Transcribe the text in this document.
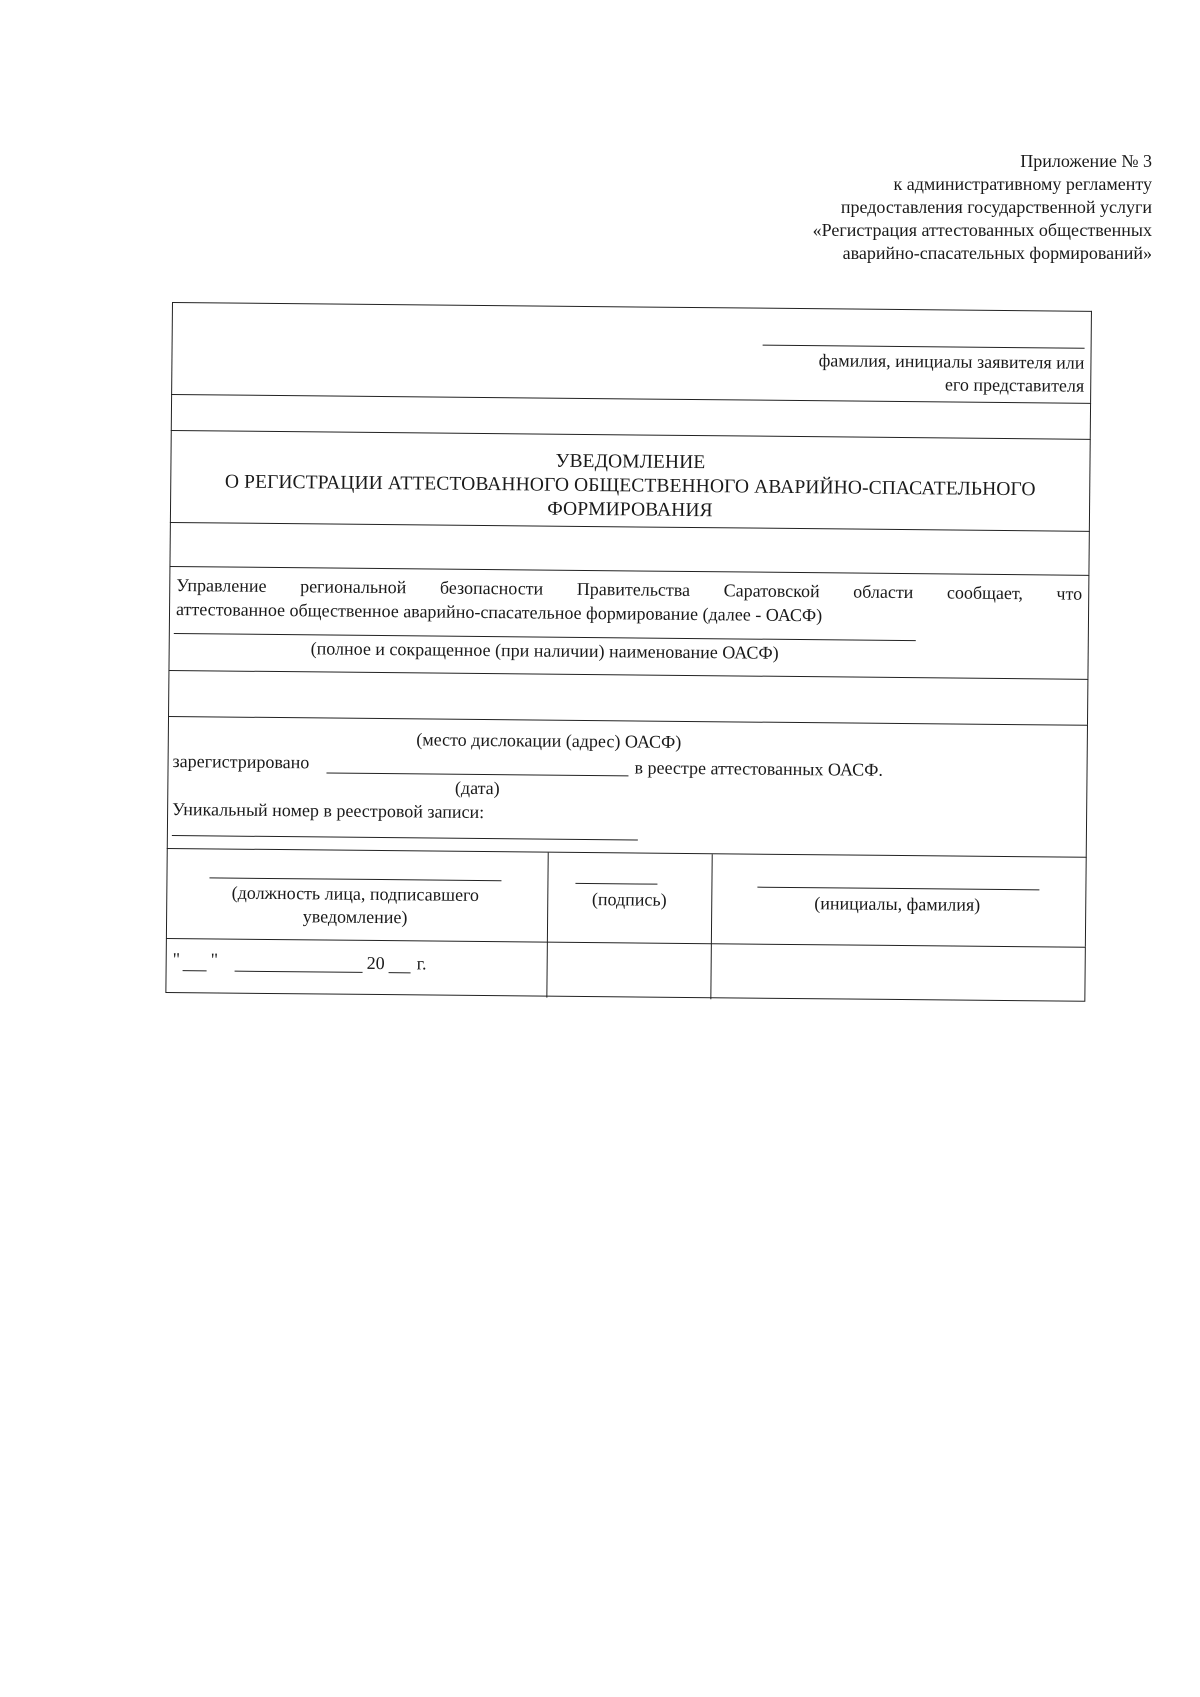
Приложение № 3
к административному регламенту
предоставления государственной услуги
«Регистрация аттестованных общественных
аварийно-спасательных формирований»
фамилия, инициалы заявителя или
его представителя
УВЕДОМЛЕНИЕ
О РЕГИСТРАЦИИ АТТЕСТОВАННОГО ОБЩЕСТВЕННОГО АВАРИЙНО-СПАСАТЕЛЬНОГО
ФОРМИРОВАНИЯ
Управление региональной безопасности Правительства Саратовской области сообщает, что
аттестованное общественное аварийно-спасательное формирование (далее - ОАСФ)
(полное и сокращенное (при наличии) наименование ОАСФ)
(место дислокации (адрес) ОАСФ)
зарегистрировано	в реестре аттестованных ОАСФ.
(дата)
Уникальный номер в реестровой записи:
(должность лица, подписавшего
уведомление)
(подпись)	(инициалы, фамилия)
" "	20 г.
